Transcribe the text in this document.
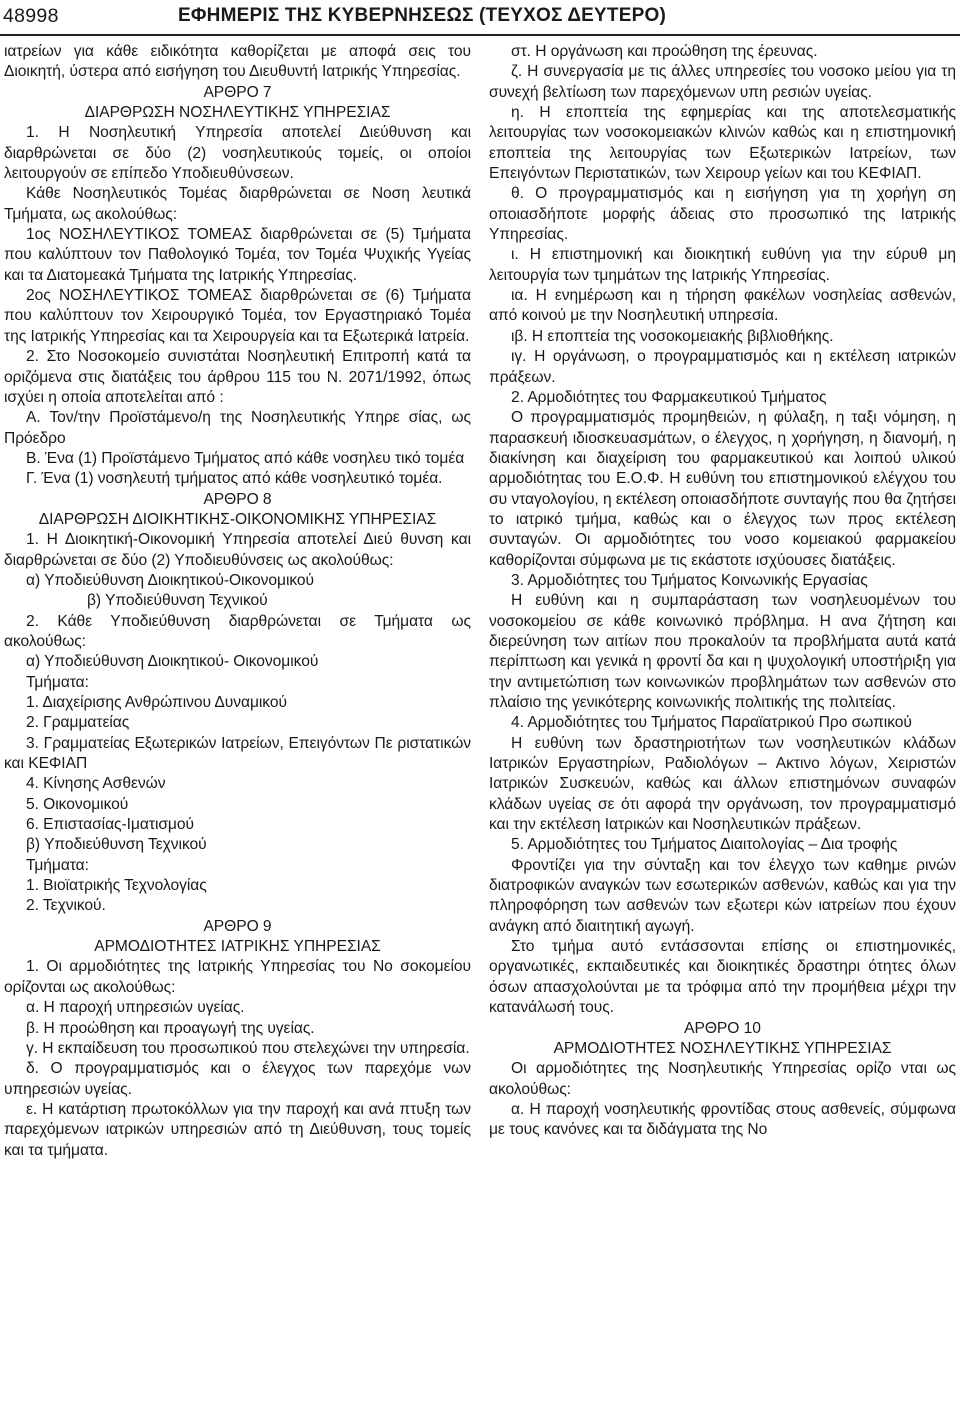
48998	ΕΦΗΜΕΡΙΣ ΤΗΣ ΚΥΒΕΡΝΗΣΕΩΣ (ΤΕΥΧΟΣ ΔΕΥΤΕΡΟ)

ιατρείων για κάθε ειδικότητα καθορίζεται με αποφά σεις του Διοικητή, ύστερα από εισήγηση του Διευθυντή Ιατρικής Υπηρεσίας.

ΑΡΘΡΟ 7

ΔΙΑΡΘΡΩΣΗ ΝΟΣΗΛΕΥΤΙΚΗΣ ΥΠΗΡΕΣΙΑΣ

1. Η Νοσηλευτική Υπηρεσία αποτελεί Διεύθυνση και διαρθρώνεται σε δύο (2) νοσηλευτικούς τομείς, οι οποίοι λειτουργούν σε επίπεδο Υποδιευθύνσεων.

Κάθε Νοσηλευτικός Τομέας διαρθρώνεται σε Νοση λευτικά Τμήματα, ως ακολούθως:

1ος ΝΟΣΗΛΕΥΤΙΚΟΣ ΤΟΜΕΑΣ διαρθρώνεται σε (5) Τμήματα που καλύπτουν τον Παθολογικό Τομέα, τον Τομέα Ψυχικής Υγείας και τα Διατομεακά Τμήματα της Ιατρικής Υπηρεσίας.

2ος ΝΟΣΗΛΕΥΤΙΚΟΣ ΤΟΜΕΑΣ διαρθρώνεται σε (6) Τμήματα που καλύπτουν τον Χειρουργικό Τομέα, τον Εργαστηριακό Τομέα της Ιατρικής Υπηρεσίας και τα Χειρουργεία και τα Εξωτερικά Ιατρεία.

2. Στο Νοσοκομείο συνιστάται Νοσηλευτική Επιτροπή κατά τα οριζόμενα στις διατάξεις του άρθρου 115 του Ν. 2071/1992, όπως ισχύει η οποία αποτελείται από :

Α. Τον/την Προϊστάμενο/η της Νοσηλευτικής Υπηρε σίας, ως Πρόεδρο

Β. Ένα (1) Προϊστάμενο Τμήματος από κάθε νοσηλευ τικό τομέα

Γ. Ένα (1) νοσηλευτή τμήματος από κάθε νοσηλευτικό τομέα.

ΑΡΘΡΟ 8

ΔΙΑΡΘΡΩΣΗ ΔΙΟΙΚΗΤΙΚΗΣ-ΟΙΚΟΝΟΜΙΚΗΣ ΥΠΗΡΕΣΙΑΣ

1. Η Διοικητική-Οικονομική Υπηρεσία αποτελεί Διεύ θυνση και διαρθρώνεται σε δύο (2) Υποδιευθύνσεις ως ακολούθως:

α) Υποδιεύθυνση Διοικητικού-Οικονομικού

β) Υποδιεύθυνση Τεχνικού

2. Κάθε Υποδιεύθυνση διαρθρώνεται σε Τμήματα ως ακολούθως:

α) Υποδιεύθυνση Διοικητικού- Οικονομικού

Τμήματα:

1. Διαχείρισης Ανθρώπινου Δυναμικού

2. Γραμματείας

3. Γραμματείας Εξωτερικών Ιατρείων, Επειγόντων Πε ριστατικών και ΚΕΦΙΑΠ

4. Κίνησης Ασθενών

5. Οικονομικού

6. Επιστασίας-Ιματισμού

β) Υποδιεύθυνση Τεχνικού

Τμήματα:

1. Βιοϊατρικής Τεχνολογίας

2. Τεχνικού.

ΑΡΘΡΟ 9

ΑΡΜΟΔΙΟΤΗΤΕΣ ΙΑΤΡΙΚΗΣ ΥΠΗΡΕΣΙΑΣ

1. Οι αρμοδιότητες της Ιατρικής Υπηρεσίας του Νο σοκομείου ορίζονται ως ακολούθως:

α. Η παροχή υπηρεσιών υγείας.

β. Η προώθηση και προαγωγή της υγείας.

γ. Η εκπαίδευση του προσωπικού που στελεχώνει την υπηρεσία.

δ. Ο προγραμματισμός και ο έλεγχος των παρεχόμε νων υπηρεσιών υγείας.

ε. Η κατάρτιση πρωτοκόλλων για την παροχή και ανά πτυξη των παρεχόμενων ιατρικών υπηρεσιών από τη Διεύθυνση, τους τομείς και τα τμήματα.

στ. Η οργάνωση και προώθηση της έρευνας.

ζ. Η συνεργασία με τις άλλες υπηρεσίες του νοσοκο μείου για τη συνεχή βελτίωση των παρεχόμενων υπη ρεσιών υγείας.

η. Η εποπτεία της εφημερίας και της αποτελεσματικής λειτουργίας των νοσοκομειακών κλινών καθώς και η επιστημονική εποπτεία της λειτουργίας των Εξωτερικών Ιατρείων, των Επειγόντων Περιστατικών, των Χειρουρ γείων και του ΚΕΦΙΑΠ.

θ. Ο προγραμματισμός και η εισήγηση για τη χορήγη ση οποιασδήποτε μορφής άδειας στο προσωπικό της Ιατρικής Υπηρεσίας.

ι. Η επιστημονική και διοικητική ευθύνη για την εύρυθ μη λειτουργία των τμημάτων της Ιατρικής Υπηρεσίας.

ια. Η ενημέρωση και η τήρηση φακέλων νοσηλείας ασθενών, από κοινού με την Νοσηλευτική υπηρεσία.

ιβ. Η εποπτεία της νοσοκομειακής βιβλιοθήκης.

ιγ. Η οργάνωση, ο προγραμματισμός και η εκτέλεση ιατρικών πράξεων.

2. Αρμοδιότητες του Φαρμακευτικού Τμήματος

Ο προγραμματισμός προμηθειών, η φύλαξη, η ταξι νόμηση, η παρασκευή ιδιοσκευασμάτων, ο έλεγχος, η χορήγηση, η διανομή, η διακίνηση και διαχείριση του φαρμακευτικού και λοιπού υλικού αρμοδιότητας του Ε.Ο.Φ. Η ευθύνη του επιστημονικού ελέγχου του συ νταγολογίου, η εκτέλεση οποιασδήποτε συνταγής που θα ζητήσει το ιατρικό τμήμα, καθώς και ο έλεγχος των προς εκτέλεση συνταγών. Οι αρμοδιότητες του νοσο κομειακού φαρμακείου καθορίζονται σύμφωνα με τις εκάστοτε ισχύουσες διατάξεις.

3. Αρμοδιότητες του Τμήματος Κοινωνικής Εργασίας

Η ευθύνη και η συμπαράσταση των νοσηλευομένων του νοσοκομείου σε κάθε κοινωνικό πρόβλημα. Η ανα ζήτηση και διερεύνηση των αιτίων που προκαλούν τα προβλήματα αυτά κατά περίπτωση και γενικά η φροντί δα και η ψυχολογική υποστήριξη για την αντιμετώπιση των κοινωνικών προβλημάτων των ασθενών στο πλαίσιο της γενικότερης κοινωνικής πολιτικής της πολιτείας.

4. Αρμοδιότητες του Τμήματος Παραϊατρικού Προ σωπικού

Η ευθύνη των δραστηριοτήτων των νοσηλευτικών κλάδων Ιατρικών Εργαστηρίων, Ραδιολόγων – Ακτινο λόγων, Χειριστών Ιατρικών Συσκευών, καθώς και άλλων επιστημόνων συναφών κλάδων υγείας σε ότι αφορά την οργάνωση, τον προγραμματισμό και την εκτέλεση Ιατρικών και Νοσηλευτικών πράξεων.

5. Αρμοδιότητες του Τμήματος Διαιτολογίας – Δια τροφής

Φροντίζει για την σύνταξη και τον έλεγχο των καθημε ρινών διατροφικών αναγκών των εσωτερικών ασθενών, καθώς και για την πληροφόρηση των ασθενών των εξωτερι κών ιατρείων που έχουν ανάγκη από διαιτητική αγωγή.

Στο τμήμα αυτό εντάσσονται επίσης οι επιστημονικές, οργανωτικές, εκπαιδευτικές και διοικητικές δραστηρι ότητες όλων όσων απασχολούνται με τα τρόφιμα από την προμήθεια μέχρι την κατανάλωσή τους.

ΑΡΘΡΟ 10

ΑΡΜΟΔΙΟΤΗΤΕΣ ΝΟΣΗΛΕΥΤΙΚΗΣ ΥΠΗΡΕΣΙΑΣ

Οι αρμοδιότητες της Νοσηλευτικής Υπηρεσίας ορίζο νται ως ακολούθως:

α. Η παροχή νοσηλευτικής φροντίδας στους ασθενείς, σύμφωνα με τους κανόνες και τα διδάγματα της Νο
